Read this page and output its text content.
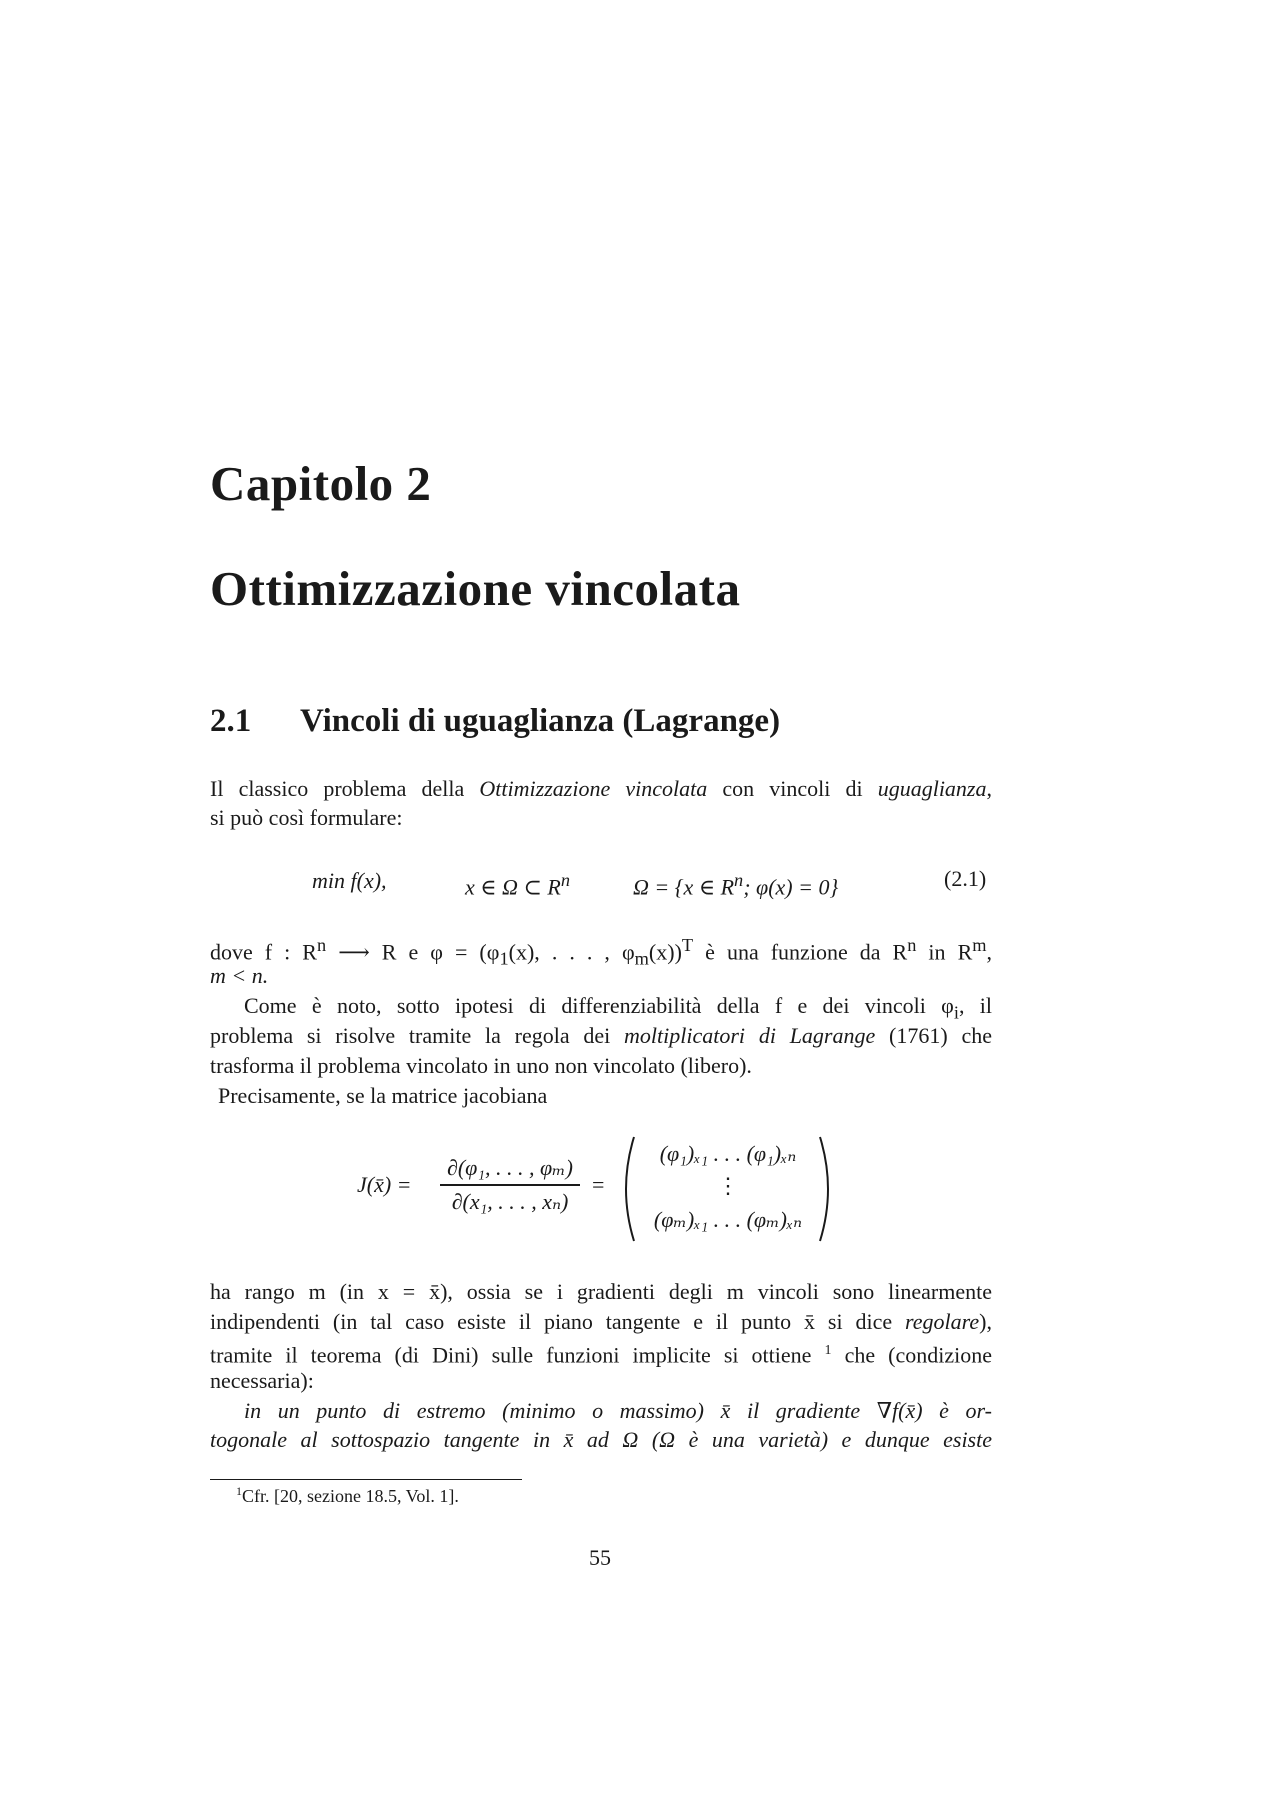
Capitolo 2
Ottimizzazione vincolata
2.1 Vincoli di uguaglianza (Lagrange)
Il classico problema della Ottimizzazione vincolata con vincoli di uguaglianza,
si può così formulare:
min f(x),	x ∈ Ω ⊂ $R^n$	Ω = {x ∈ $R^n$; φ(x) = 0}	(2.1)
dove f : $R^n$ ⟶ R e $\varphi = (\varphi_1(x)$, . . . , $\varphi_m(x))^T$ è una funzione da $R^n$ in $R^m$,
m < n.
Come è noto, sotto ipotesi di differenziabilità della f e dei vincoli $\varphi_i$, il
problema si risolve tramite la regola dei moltiplicatori di Lagrange (1761) che
trasforma il problema vincolato in uno non vincolato (libero).
Precisamente, se la matrice jacobiana
J(x̄) =
∂(φ₁, . . . , φₘ)
∂(x₁, . . . , xₙ)
=
(φ₁)ₓ₁ . . . (φ₁)ₓₙ
⋮
(φₘ)ₓ₁ . . . (φₘ)ₓₙ
ha rango m (in x = x̄), ossia se i gradienti degli m vincoli sono linearmente
indipendenti (in tal caso esiste il piano tangente e il punto x̄ si dice regolare),
tramite il teorema (di Dini) sulle funzioni implicite si ottiene $^1$ che (condizione
necessaria):
in un punto di estremo (minimo o massimo) x̄ il gradiente ∇f(x̄) è or-
togonale al sottospazio tangente in x̄ ad Ω (Ω è una varietà) e dunque esiste
$^1$Cfr. [20, sezione 18.5, Vol. 1].
55
